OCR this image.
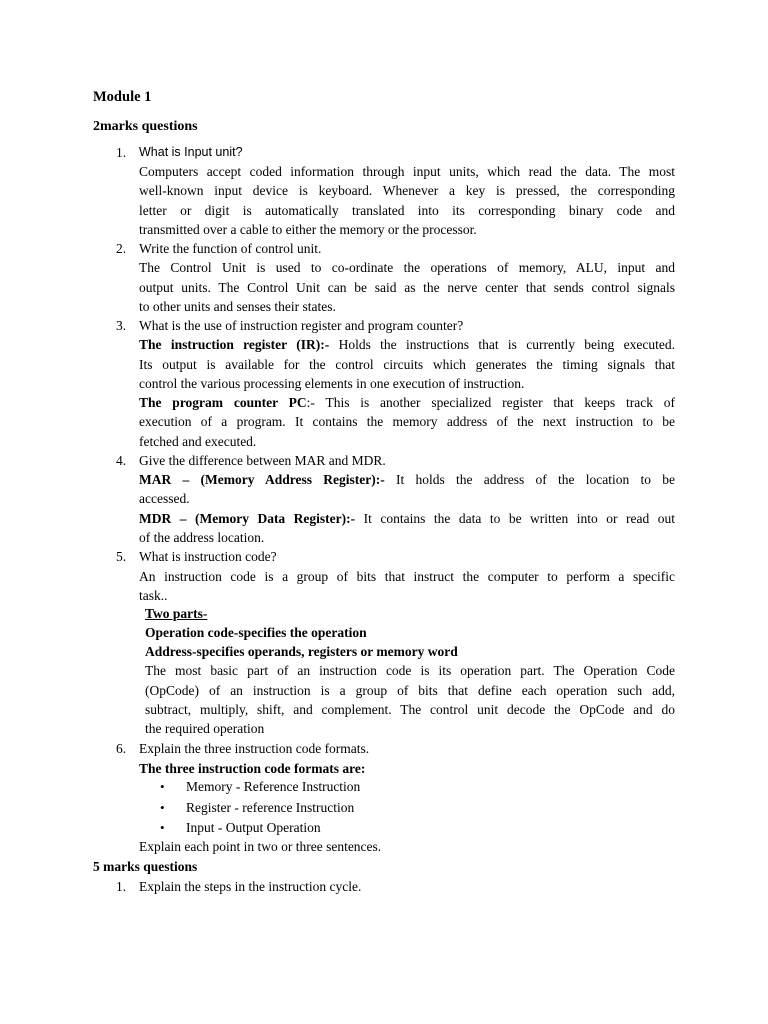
Module 1
2marks questions
1. What is Input unit?
Computers accept coded information through input units, which read the data. The most
well-known input device is keyboard. Whenever a key is pressed, the corresponding
letter or digit is automatically translated into its corresponding binary code and
transmitted over a cable to either the memory or the processor.
2. Write the function of control unit.
The Control Unit is used to co-ordinate the operations of memory, ALU, input and
output units. The Control Unit can be said as the nerve center that sends control signals
to other units and senses their states.
3. What is the use of instruction register and program counter?
The instruction register (IR):- Holds the instructions that is currently being executed.
Its output is available for the control circuits which generates the timing signals that
control the various processing elements in one execution of instruction.
The program counter PC:- This is another specialized register that keeps track of
execution of a program. It contains the memory address of the next instruction to be
fetched and executed.
4. Give the difference between MAR and MDR.
MAR – (Memory Address Register):- It holds the address of the location to be
accessed.
MDR – (Memory Data Register):- It contains the data to be written into or read out
of the address location.
5. What is instruction code?
An instruction code is a group of bits that instruct the computer to perform a specific
task..
Two parts-
Operation code-specifies the operation
Address-specifies operands, registers or memory word
The most basic part of an instruction code is its operation part. The Operation Code
(OpCode) of an instruction is a group of bits that define each operation such add,
subtract, multiply, shift, and complement. The control unit decode the OpCode and do
the required operation
6. Explain the three instruction code formats.
The three instruction code formats are:
• Memory - Reference Instruction
• Register - reference Instruction
• Input - Output Operation
Explain each point in two or three sentences.
5 marks questions
1. Explain the steps in the instruction cycle.
